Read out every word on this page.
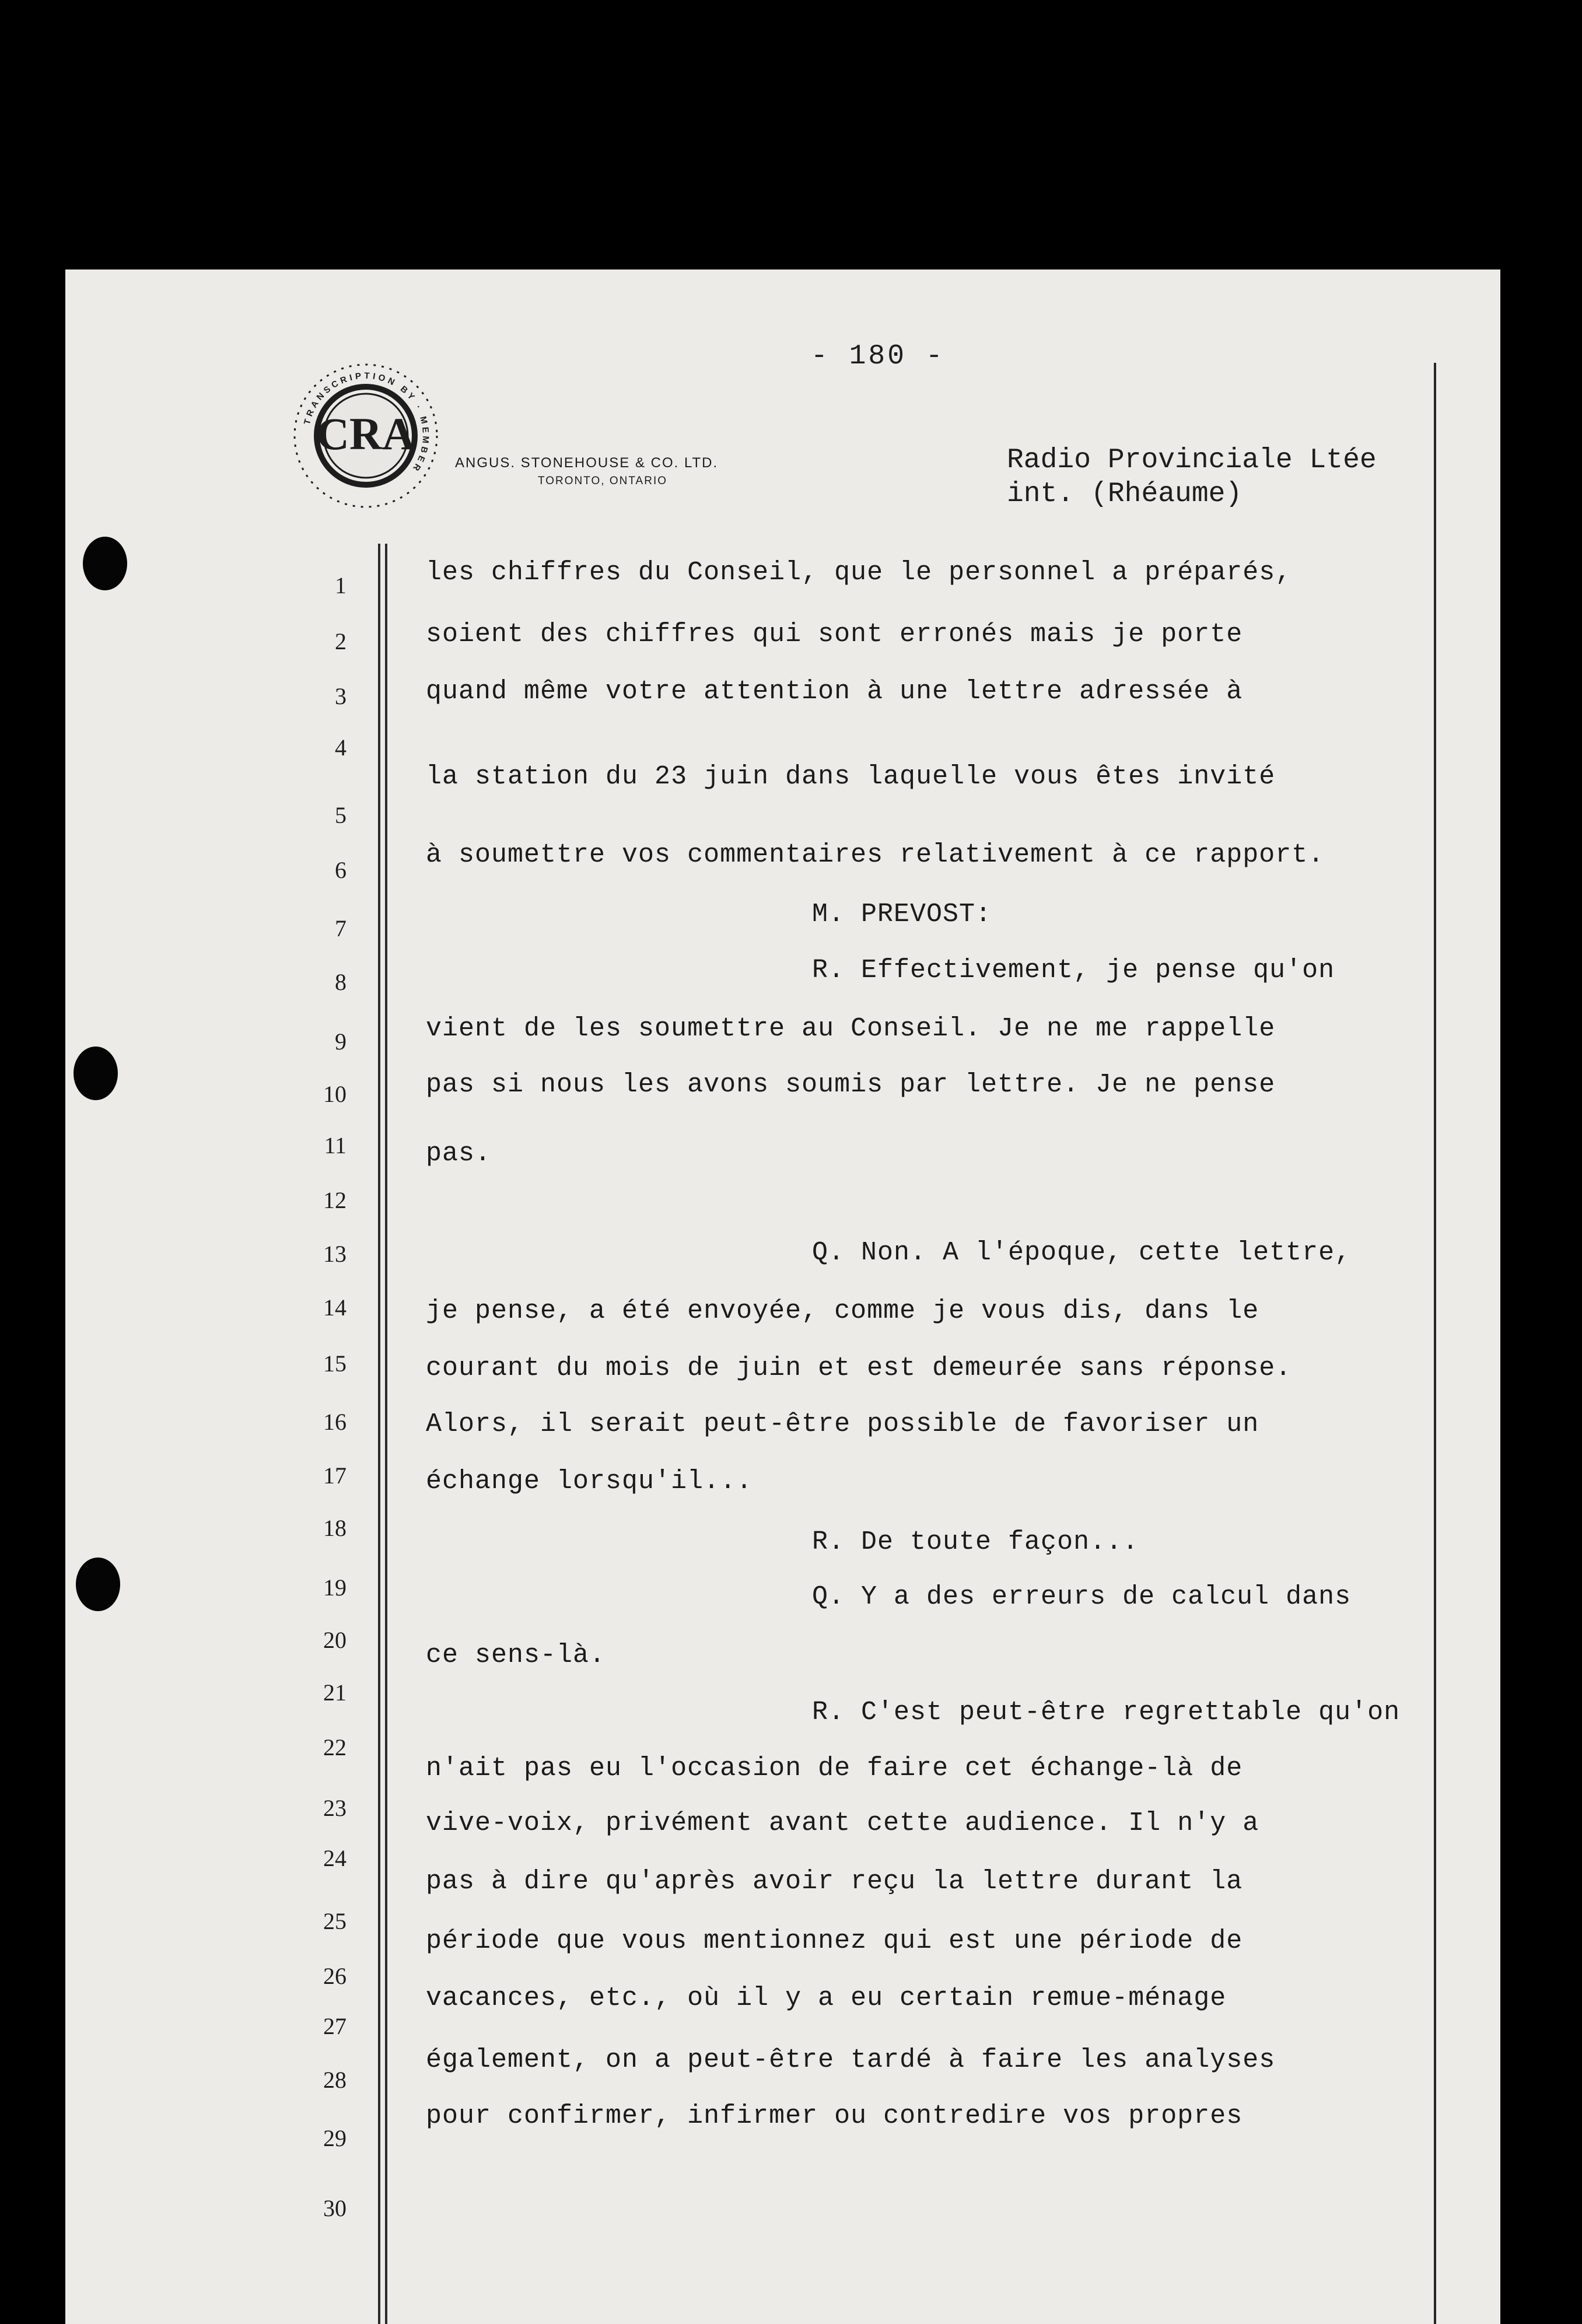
- 180 -
TRANSCRIPTION BY · MEMBER
CRA
ANGUS. STONEHOUSE & CO. LTD.
TORONTO, ONTARIO
Radio Provinciale Ltée
int. (Rhéaume)
1	les chiffres du Conseil, que le personnel a préparés,
2	soient des chiffres qui sont erronés mais je porte
3	quand même votre attention à une lettre adressée à
4
5
la station du 23 juin dans laquelle vous êtes invité
6
à soumettre vos commentaires relativement à ce rapport.
7	M. PREVOST:
8	R. Effectivement, je pense qu'on
9	vient de les soumettre au Conseil. Je ne me rappelle
10	pas si nous les avons soumis par lettre. Je ne pense
11	pas.
12
13	Q. Non. A l'époque, cette lettre,
14	je pense, a été envoyée, comme je vous dis, dans le
15	courant du mois de juin et est demeurée sans réponse.
16	Alors, il serait peut-être possible de favoriser un
17	échange lorsqu'il...
18	R. De toute façon...
19	Q. Y a des erreurs de calcul dans
20
ce sens-là.
21
22
R. C'est peut-être regrettable qu'on
23
n'ait pas eu l'occasion de faire cet échange-là de
24
vive-voix, privément avant cette audience. Il n'y a
25
pas à dire qu'après avoir reçu la lettre durant la
26
période que vous mentionnez qui est une période de
27
vacances, etc., où il y a eu certain remue-ménage
28
29
également, on a peut-être tardé à faire les analyses
30
pour confirmer, infirmer ou contredire vos propres
